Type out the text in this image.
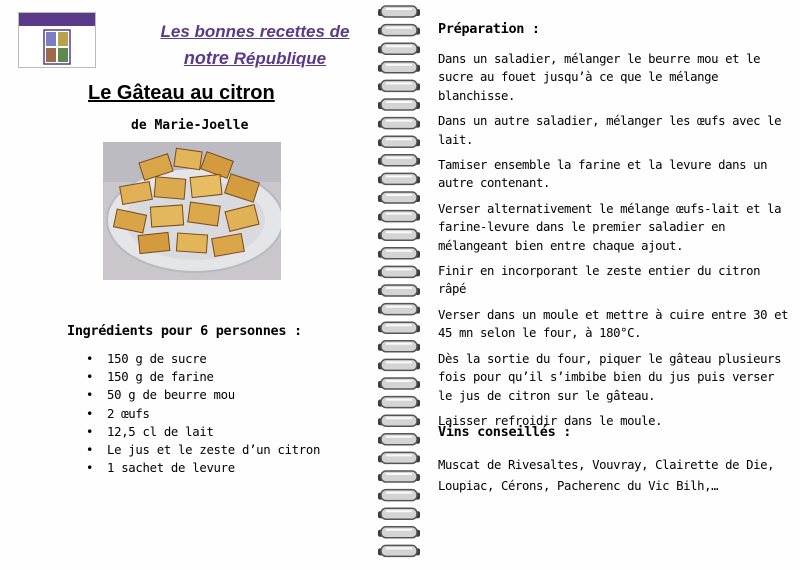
Les bonnes recettes de
notre République
Le Gâteau au citron
de Marie-Joelle
Ingrédients pour 6 personnes :
• 150 g de sucre
• 150 g de farine
• 50 g de beurre mou
• 2 œufs
• 12,5 cl de lait
• Le jus et le zeste d’un citron
• 1 sachet de levure
Préparation :

Dans un saladier, mélanger le beurre mou et le sucre au fouet jusqu’à ce que le mélange blanchisse.

Dans un autre saladier, mélanger les œufs avec le lait.

Tamiser ensemble la farine et la levure dans un autre contenant.

Verser alternativement le mélange œufs-lait et la farine-levure dans le premier saladier en mélangeant bien entre chaque ajout.

Finir en incorporant le zeste entier du citron râpé

Verser dans un moule et mettre à cuire entre 30 et 45 mn selon le four, à 180°C.

Dès la sortie du four, piquer le gâteau plusieurs fois pour qu’il s’imbibe bien du jus puis verser le jus de citron sur le gâteau.

Laisser refroidir dans le moule.

Vins conseillés :

Muscat de Rivesaltes, Vouvray, Clairette de Die, Loupiac, Cérons, Pacherenc du Vic Bilh,…
